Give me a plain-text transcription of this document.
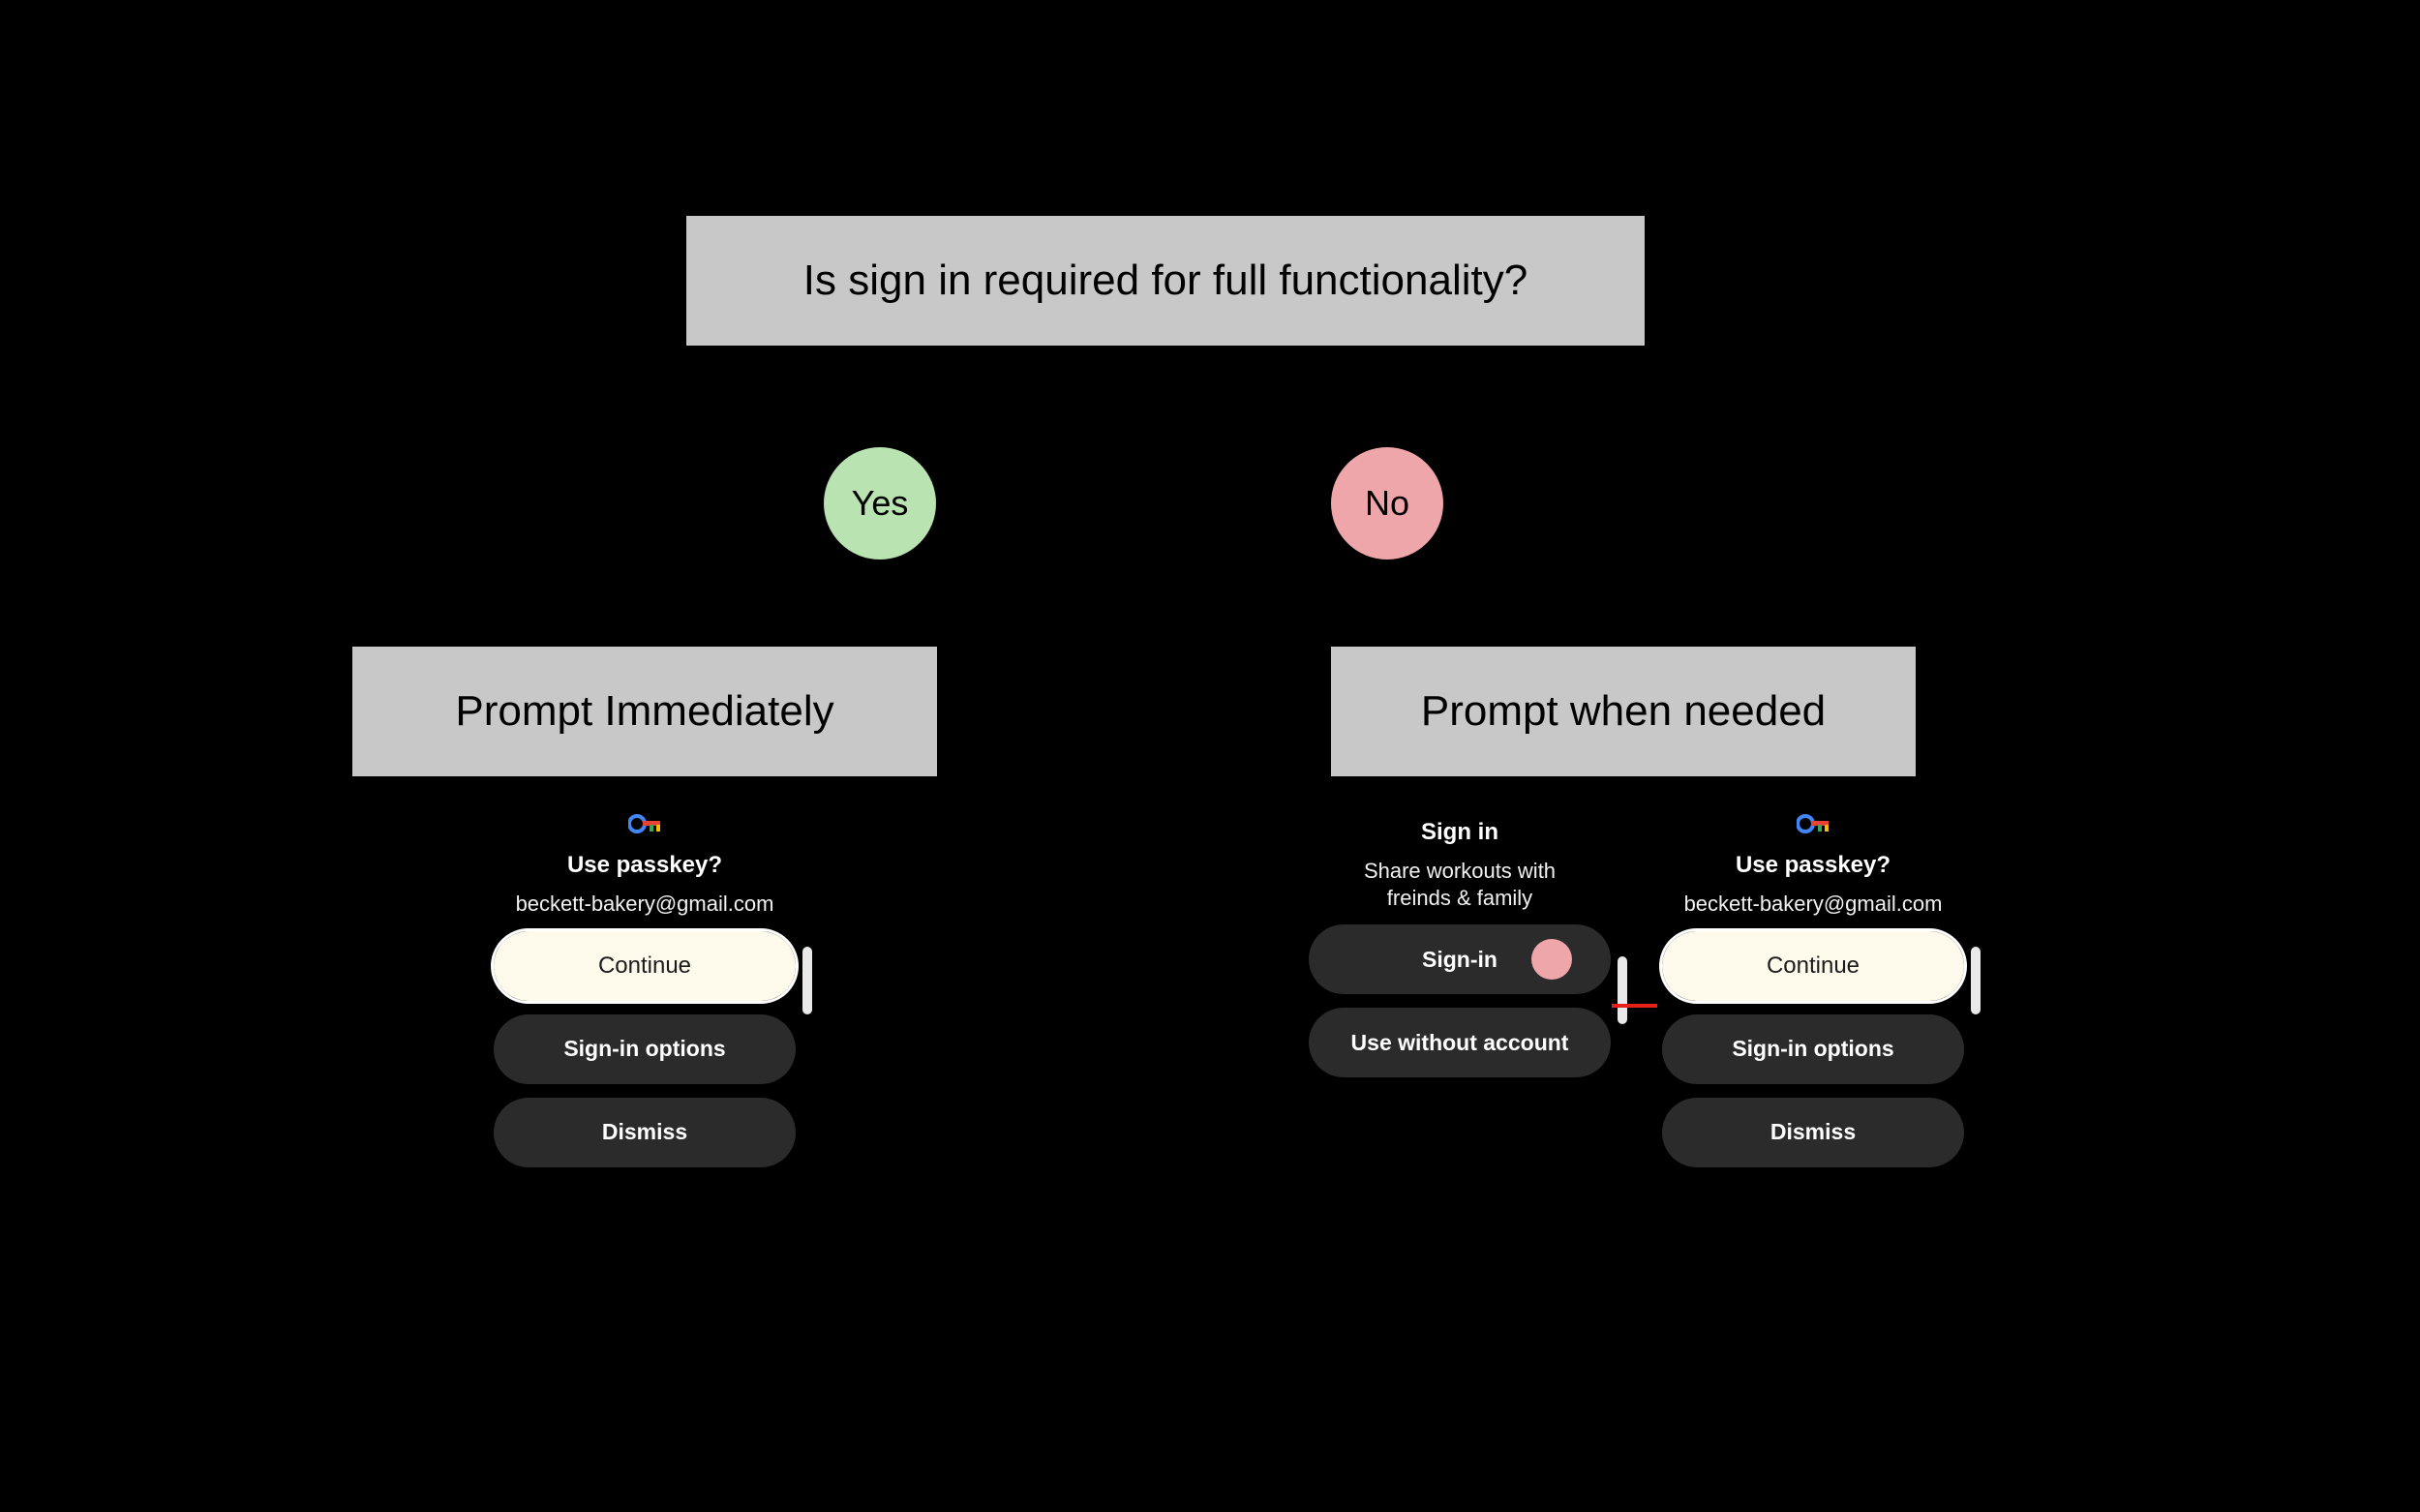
Is sign in required for full functionality?
Yes	No
Prompt Immediately	Prompt when needed
Use passkey?
beckett-bakery@gmail.com
Continue
Sign-in options
Dismiss
Sign in
Share workouts with freinds & family
Sign-in
Use without account
Use passkey?
beckett-bakery@gmail.com
Continue
Sign-in options
Dismiss
